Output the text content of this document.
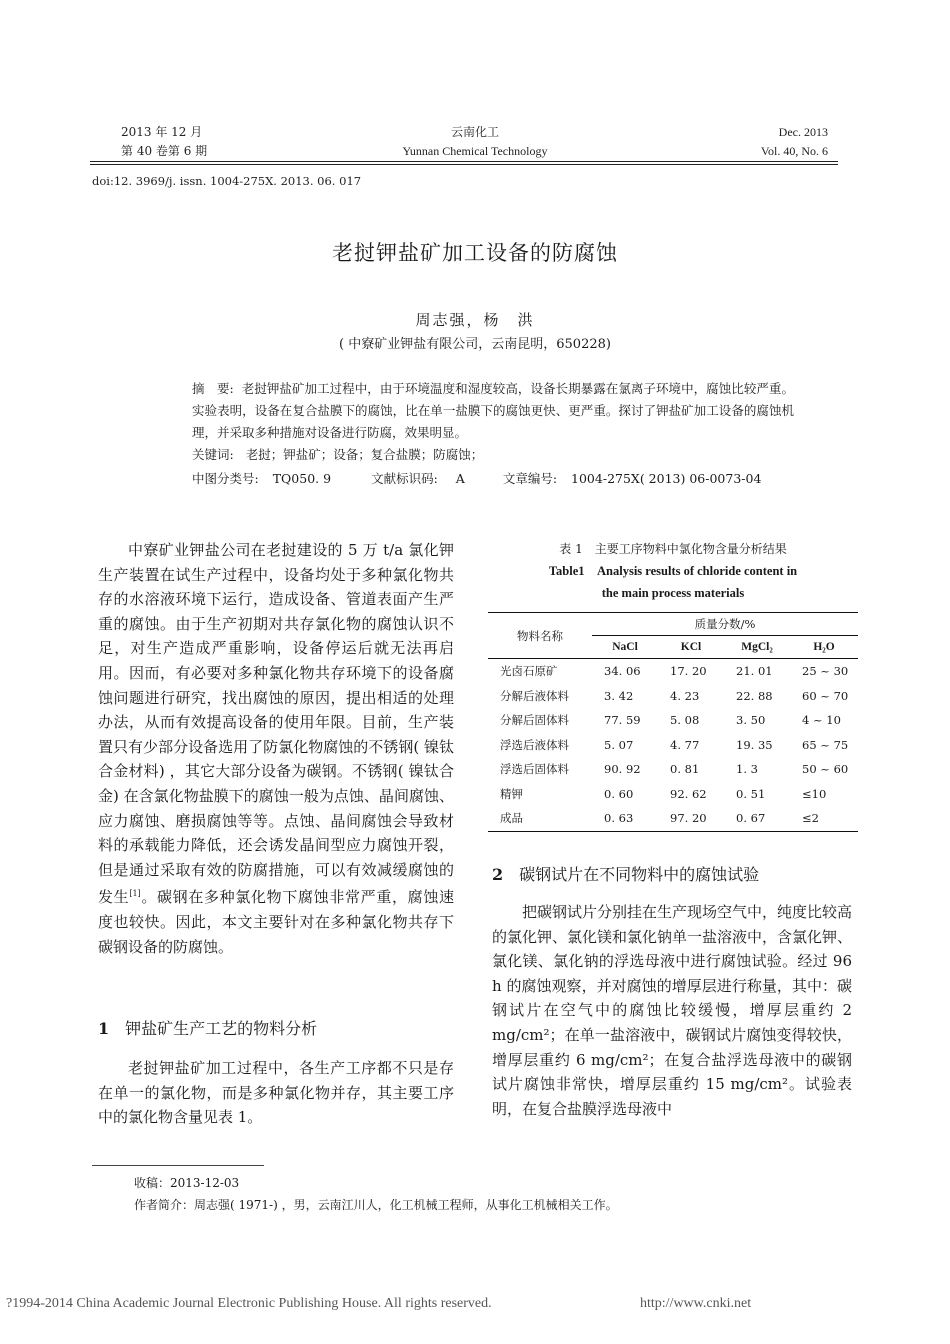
2013 年 12 月
第 40 卷第 6 期
云南化工
Yunnan Chemical Technology
Dec. 2013
Vol. 40, No. 6
doi:12. 3969/j. issn. 1004-275X. 2013. 06. 017
老挝钾盐矿加工设备的防腐蚀
周志强，杨　洪
( 中寮矿业钾盐有限公司，云南昆明，650228)
摘　要: 老挝钾盐矿加工过程中，由于环境温度和湿度较高，设备长期暴露在氯离子环境中，腐蚀比较严重。实验表明，设备在复合盐膜下的腐蚀，比在单一盐膜下的腐蚀更快、更严重。探讨了钾盐矿加工设备的腐蚀机理，并采取多种措施对设备进行防腐，效果明显。
关键词: 老挝；钾盐矿；设备；复合盐膜；防腐蚀；
中图分类号: TQ050. 9	文献标识码: A	文章编号: 1004-275X( 2013) 06-0073-04

中寮矿业钾盐公司在老挝建设的 5 万 t/a 氯化钾生产装置在试生产过程中，设备均处于多种氯化物共存的水溶液环境下运行，造成设备、管道表面产生严重的腐蚀。由于生产初期对共存氯化物的腐蚀认识不足，对生产造成严重影响，设备停运后就无法再启用。因而，有必要对多种氯化物共存环境下的设备腐蚀问题进行研究，找出腐蚀的原因，提出相适的处理办法，从而有效提高设备的使用年限。目前，生产装置只有少部分设备选用了防氯化物腐蚀的不锈钢( 镍钛合金材料) ，其它大部分设备为碳钢。不锈钢( 镍钛合金) 在含氯化物盐膜下的腐蚀一般为点蚀、晶间腐蚀、应力腐蚀、磨损腐蚀等等。点蚀、晶间腐蚀会导致材料的承载能力降低，还会诱发晶间型应力腐蚀开裂，但是通过采取有效的防腐措施，可以有效减缓腐蚀的发生[1]。碳钢在多种氯化物下腐蚀非常严重，腐蚀速度也较快。因此，本文主要针对在多种氯化物共存下碳钢设备的防腐蚀。

1 钾盐矿生产工艺的物料分析

老挝钾盐矿加工过程中，各生产工序都不只是存在单一的氯化物，而是多种氯化物并存，其主要工序中的氯化物含量见表 1。

表 1　主要工序物料中氯化物含量分析结果
Table1　Analysis results of chloride content in
the main process materials
物料名称	质量分数/%			
	NaCl	KCl	MgCl₂	H₂O
光卤石原矿	34. 06	17. 20	21. 01	25 ~ 30
分解后液体料	3. 42	4. 23	22. 88	60 ~ 70
分解后固体料	77. 59	5. 08	3. 50	4 ~ 10
浮选后液体料	5. 07	4. 77	19. 35	65 ~ 75
浮选后固体料	90. 92	0. 81	1. 3	50 ~ 60
精钾	0. 60	92. 62	0. 51	≤10
成品	0. 63	97. 20	0. 67	≤2
2 碳钢试片在不同物料中的腐蚀试验

把碳钢试片分别挂在生产现场空气中，纯度比较高的氯化钾、氯化镁和氯化钠单一盐溶液中，含氯化钾、氯化镁、氯化钠的浮选母液中进行腐蚀试验。经过 96 h 的腐蚀观察，并对腐蚀的增厚层进行称量，其中：碳钢试片在空气中的腐蚀比较缓慢，增厚层重约 2 mg/cm²；在单一盐溶液中，碳钢试片腐蚀变得较快，增厚层重约 6 mg/cm²；在复合盐浮选母液中的碳钢试片腐蚀非常快，增厚层重约 15 mg/cm²。试验表明，在复合盐膜浮选母液中

收稿：2013-12-03
作者简介：周志强( 1971-) ，男，云南江川人，化工机械工程师，从事化工机械相关工作。
?1994-2014 China Academic Journal Electronic Publishing House. All rights reserved.	http://www.cnki.net
